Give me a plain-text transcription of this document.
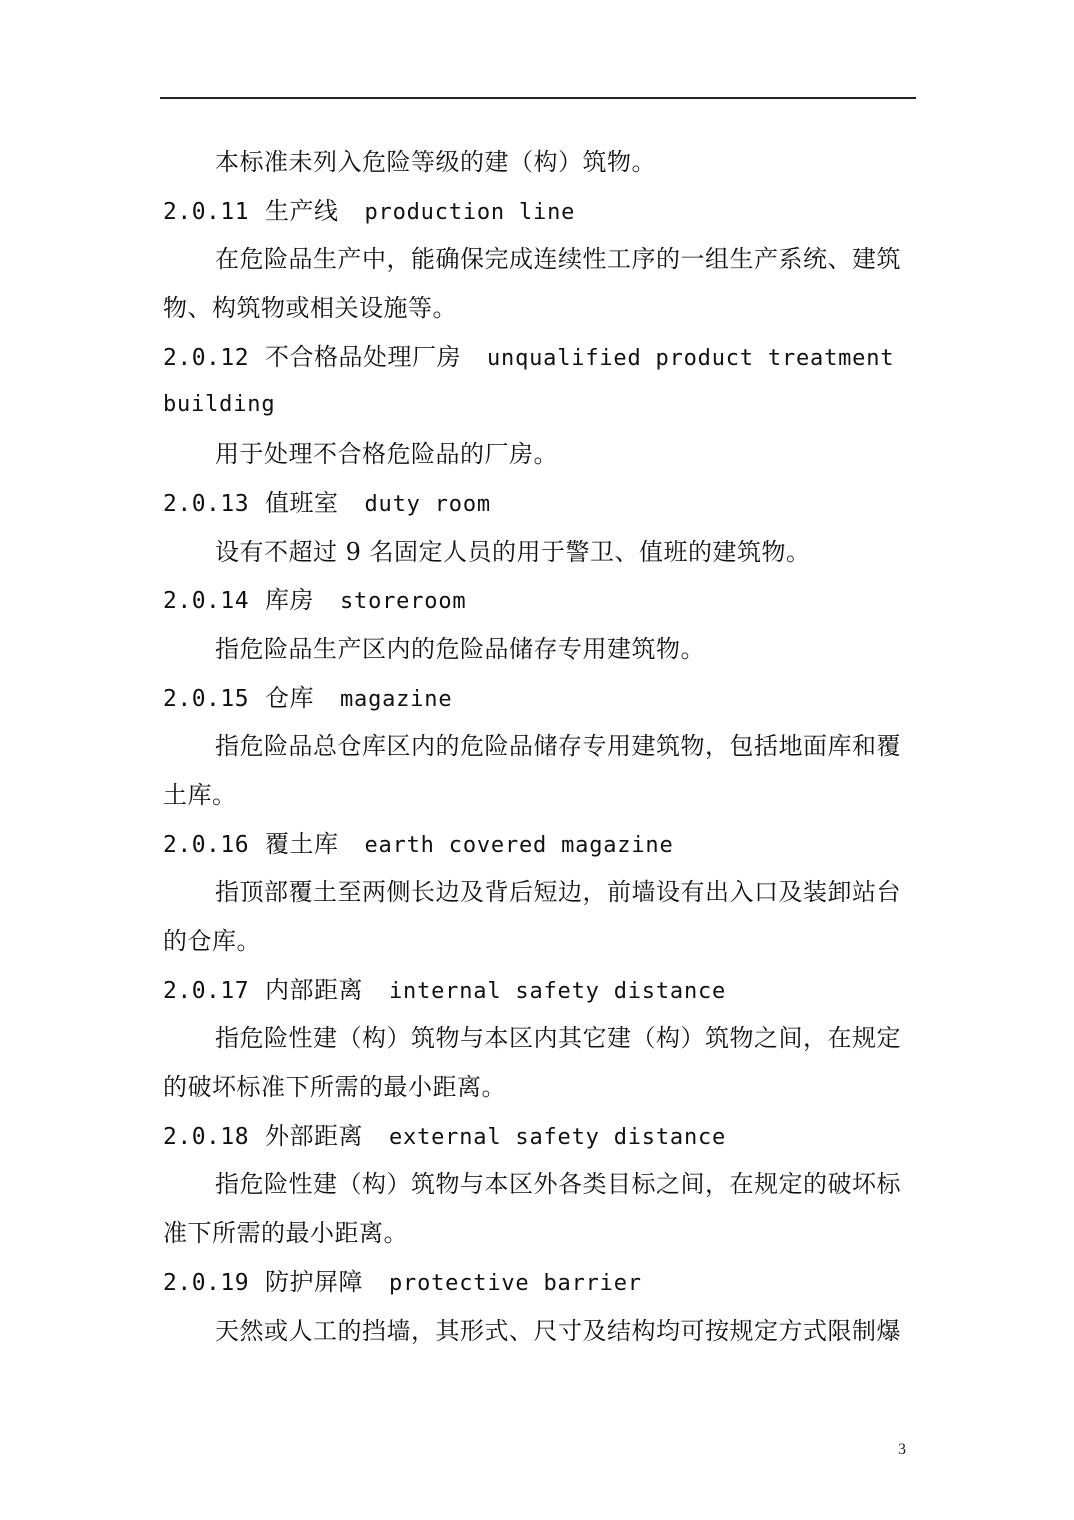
本标准未列入危险等级的建（构）筑物。
2.0.11 生产线 production line
在危险品生产中，能确保完成连续性工序的一组生产系统、建筑
物、构筑物或相关设施等。
2.0.12 不合格品处理厂房 unqualified product treatment
building
用于处理不合格危险品的厂房。
2.0.13 值班室 duty room
设有不超过 9 名固定人员的用于警卫、值班的建筑物。
2.0.14 库房 storeroom
指危险品生产区内的危险品储存专用建筑物。
2.0.15 仓库 magazine
指危险品总仓库区内的危险品储存专用建筑物，包括地面库和覆
土库。
2.0.16 覆土库 earth covered magazine
指顶部覆土至两侧长边及背后短边，前墙设有出入口及装卸站台
的仓库。
2.0.17 内部距离 internal safety distance
指危险性建（构）筑物与本区内其它建（构）筑物之间，在规定
的破坏标准下所需的最小距离。
2.0.18 外部距离 external safety distance
指危险性建（构）筑物与本区外各类目标之间，在规定的破坏标
准下所需的最小距离。
2.0.19 防护屏障 protective barrier
天然或人工的挡墙，其形式、尺寸及结构均可按规定方式限制爆
3
